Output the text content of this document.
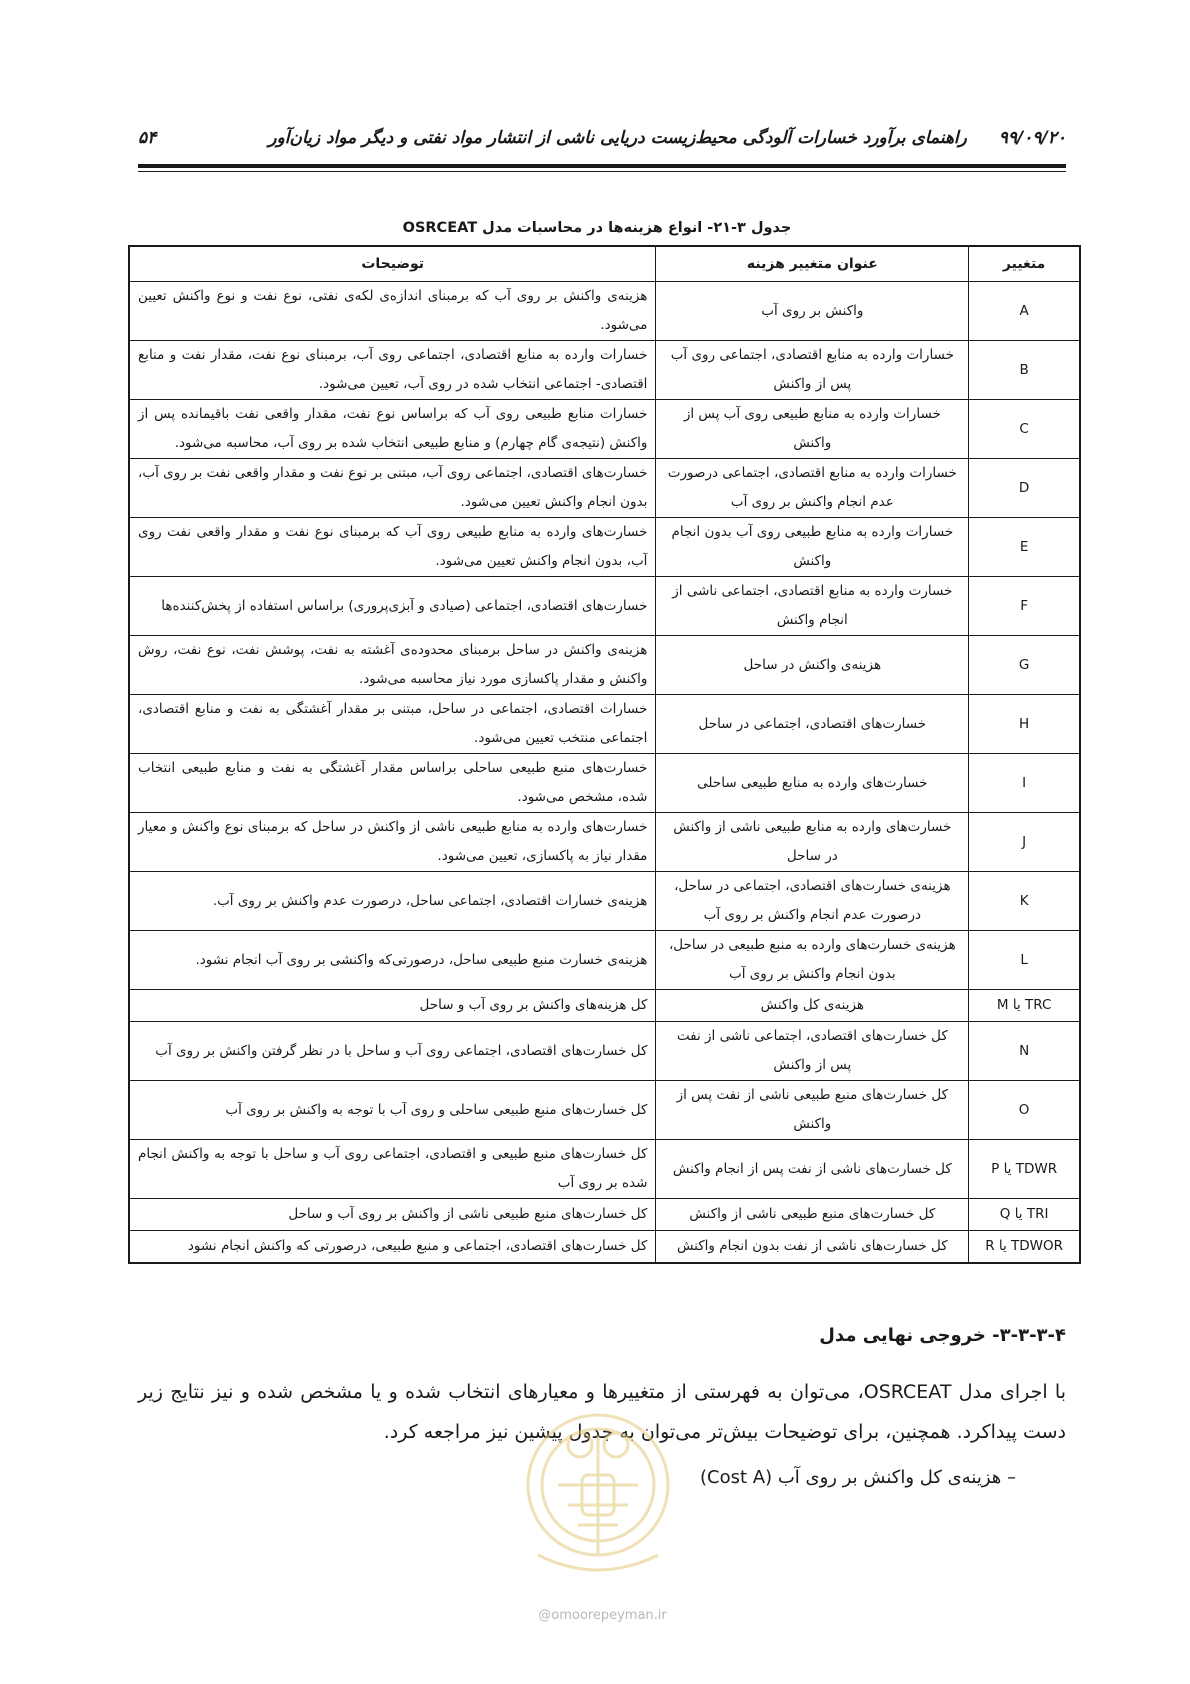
۹۹/۰۹/۲۰ راهنمای برآورد خسارات آلودگی محیط‌زیست دریایی ناشی از انتشار مواد نفتی و دیگر مواد زیان‌آور
۵۴
جدول ۳-۲۱- انواع هزینه‌ها در محاسبات مدل OSRCEAT
متغییر	عنوان متغییر هزینه	توضیحات
A	واکنش بر روی آب	هزینه‌ی واکنش بر روی آب که برمبنای اندازه‌ی لکه‌ی نفتی، نوع نفت و نوع واکنش تعیین می‌شود.
B	خسارات وارده به منابع اقتصادی، اجتماعی روی آب پس از واکنش	خسارات وارده به منابع اقتصادی، اجتماعی روی آب، برمبنای نوع نفت، مقدار نفت و منابع اقتصادی- اجتماعی انتخاب شده در روی آب، تعیین می‌شود.
C	خسارات وارده به منابع طبیعی روی آب پس از واکنش	خسارات منابع طبیعی روی آب که براساس نوع نفت، مقدار واقعی نفت باقیمانده پس از واکنش (نتیجه‌ی گام چهارم) و منابع طبیعی انتخاب شده بر روی آب، محاسبه می‌شود.
D	خسارات وارده به منابع اقتصادی، اجتماعی درصورت عدم انجام واکنش بر روی آب	خسارت‌های اقتصادی، اجتماعی روی آب، مبتنی بر نوع نفت و مقدار واقعی نفت بر روی آب، بدون انجام واکنش تعیین می‌شود.
E	خسارات وارده به منابع طبیعی روی آب بدون انجام واکنش	خسارت‌های وارده به منابع طبیعی روی آب که برمبنای نوع نفت و مقدار واقعی نفت روی آب، بدون انجام واکنش تعیین می‌شود.
F	خسارت وارده به منابع اقتصادی، اجتماعی ناشی از انجام واکنش	خسارت‌های اقتصادی، اجتماعی (صیادی و آبزی‌پروری) براساس استفاده از پخش‌کننده‌ها
G	هزینه‌ی واکنش در ساحل	هزینه‌ی واکنش در ساحل برمبنای محدوده‌ی آغشته به نفت، پوشش نفت، نوع نفت، روش واکنش و مقدار پاکسازی مورد نیاز محاسبه می‌شود.
H	خسارت‌های اقتصادی، اجتماعی در ساحل	خسارات اقتصادی، اجتماعی در ساحل، مبتنی بر مقدار آغشتگی به نفت و منابع اقتصادی، اجتماعی منتخب تعیین می‌شود.
I	خسارت‌های وارده به منابع طبیعی ساحلی	خسارت‌های منبع طبیعی ساحلی براساس مقدار آغشتگی به نفت و منابع طبیعی انتخاب شده، مشخص می‌شود.
J	خسارت‌های وارده به منابع طبیعی ناشی از واکنش در ساحل	خسارت‌های وارده به منابع طبیعی ناشی از واکنش در ساحل که برمبنای نوع واکنش و معیار مقدار نیاز به پاکسازی، تعیین می‌شود.
K	هزینه‌ی خسارت‌های اقتصادی، اجتماعی در ساحل، درصورت عدم انجام واکنش بر روی آب	هزینه‌ی خسارات اقتصادی، اجتماعی ساحل، درصورت عدم واکنش بر روی آب.
L	هزینه‌ی خسارت‌های وارده به منبع طبیعی در ساحل، بدون انجام واکنش بر روی آب	هزینه‌ی خسارت منبع طبیعی ساحل، درصورتی‌که واکنشی بر روی آب انجام نشود.
M یا TRC	هزینه‌ی کل واکنش	کل هزینه‌های واکنش بر روی آب و ساحل
N	کل خسارت‌های اقتصادی، اجتماعی ناشی از نفت پس از واکنش	کل خسارت‌های اقتصادی، اجتماعی روی آب و ساحل با در نظر گرفتن واکنش بر روی آب
O	کل خسارت‌های منبع طبیعی ناشی از نفت پس از واکنش	کل خسارت‌های منبع طبیعی ساحلی و روی آب با توجه به واکنش بر روی آب
P یا TDWR	کل خسارت‌های ناشی از نفت پس از انجام واکنش	کل خسارت‌های منبع طبیعی و اقتصادی، اجتماعی روی آب و ساحل با توجه به واکنش انجام شده بر روی آب
Q یا TRI	کل خسارت‌های منبع طبیعی ناشی از واکنش	کل خسارت‌های منبع طبیعی ناشی از واکنش بر روی آب و ساحل
R یا TDWOR	کل خسارت‌های ناشی از نفت بدون انجام واکنش	کل خسارت‌های اقتصادی، اجتماعی و منبع طبیعی، درصورتی که واکنش انجام نشود
۳-۳-۳-۴- خروجی نهایی مدل
با اجرای مدل OSRCEAT، می‌توان به فهرستی از متغییرها و معیارهای انتخاب شده و یا مشخص شده و نیز نتایج زیر دست پیداکرد. همچنین، برای توضیحات بیش‌تر می‌توان به جدول پیشین نیز مراجعه کرد.
– هزینه‌ی کل واکنش بر روی آب (Cost A)
@omoorepeyman.ir
